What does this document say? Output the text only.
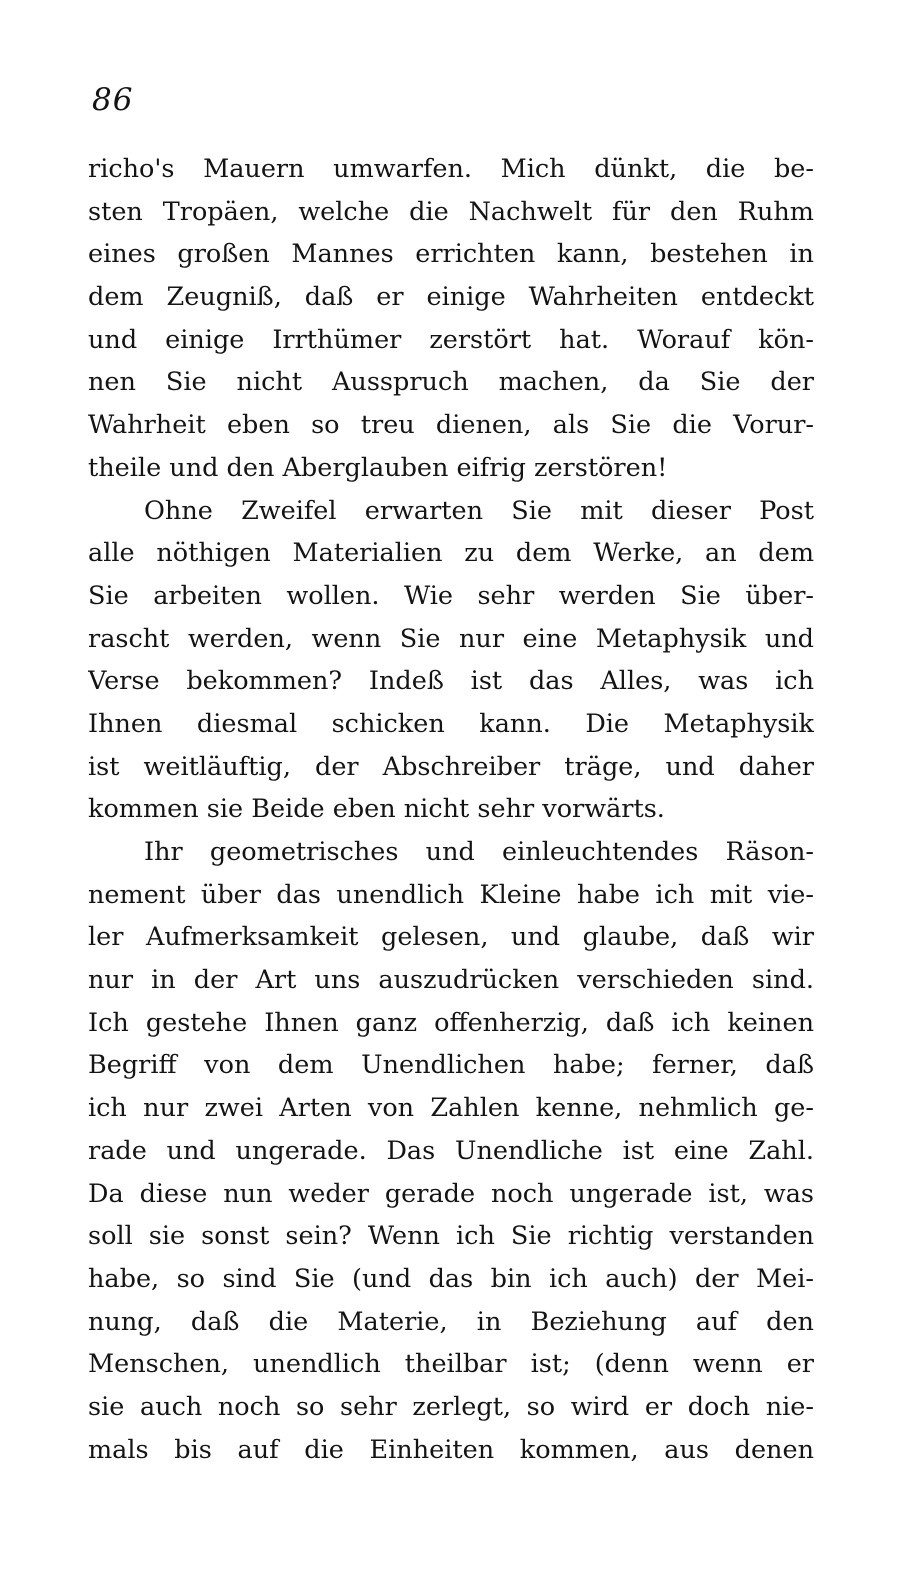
86
richo's Mauern umwarfen. Mich dünkt, die be-
sten Tropäen, welche die Nachwelt für den Ruhm
eines großen Mannes errichten kann, bestehen in
dem Zeugniß, daß er einige Wahrheiten entdeckt
und einige Irrthümer zerstört hat. Worauf kön-
nen Sie nicht Ausspruch machen, da Sie der
Wahrheit eben so treu dienen, als Sie die Vorur-
theile und den Aberglauben eifrig zerstören!
Ohne Zweifel erwarten Sie mit dieser Post
alle nöthigen Materialien zu dem Werke, an dem
Sie arbeiten wollen. Wie sehr werden Sie über-
rascht werden, wenn Sie nur eine Metaphysik und
Verse bekommen? Indeß ist das Alles, was ich
Ihnen diesmal schicken kann. Die Metaphysik
ist weitläuftig, der Abschreiber träge, und daher
kommen sie Beide eben nicht sehr vorwärts.
Ihr geometrisches und einleuchtendes Räson-
nement über das unendlich Kleine habe ich mit vie-
ler Aufmerksamkeit gelesen, und glaube, daß wir
nur in der Art uns auszudrücken verschieden sind.
Ich gestehe Ihnen ganz offenherzig, daß ich keinen
Begriff von dem Unendlichen habe; ferner, daß
ich nur zwei Arten von Zahlen kenne, nehmlich ge-
rade und ungerade. Das Unendliche ist eine Zahl.
Da diese nun weder gerade noch ungerade ist, was
soll sie sonst sein? Wenn ich Sie richtig verstanden
habe, so sind Sie (und das bin ich auch) der Mei-
nung, daß die Materie, in Beziehung auf den
Menschen, unendlich theilbar ist; (denn wenn er
sie auch noch so sehr zerlegt, so wird er doch nie-
mals bis auf die Einheiten kommen, aus denen
